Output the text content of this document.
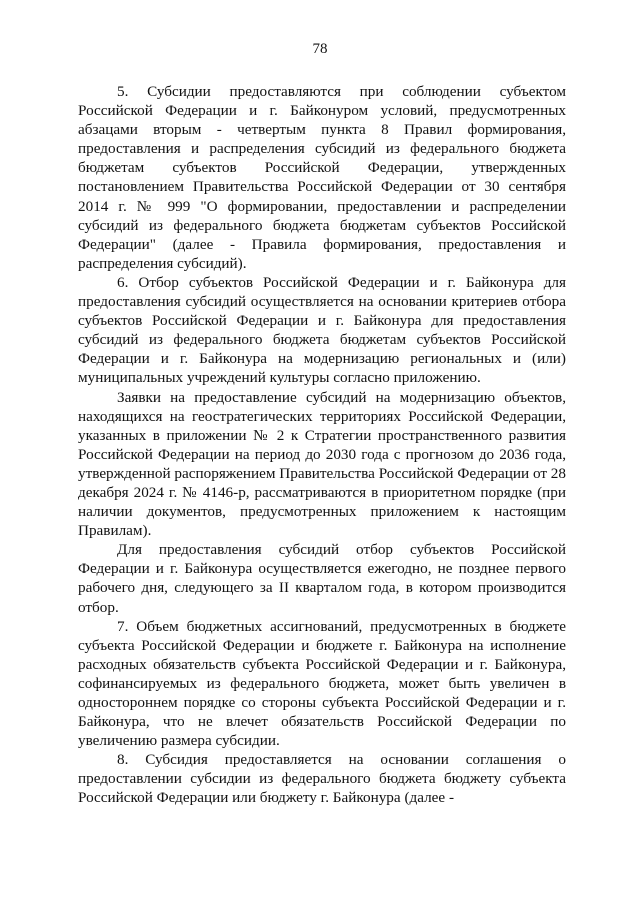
78

5. Субсидии предоставляются при соблюдении субъектом Российской Федерации и г. Байконуром условий, предусмотренных абзацами вторым - четвертым пункта 8 Правил формирования, предоставления и распределения субсидий из федерального бюджета бюджетам субъектов Российской Федерации, утвержденных постановлением Правительства Российской Федерации от 30 сентября 2014 г. № 999 "О формировании, предоставлении и распределении субсидий из федерального бюджета бюджетам субъектов Российской Федерации" (далее - Правила формирования, предоставления и распределения субсидий).

6. Отбор субъектов Российской Федерации и г. Байконура для предоставления субсидий осуществляется на основании критериев отбора субъектов Российской Федерации и г. Байконура для предоставления субсидий из федерального бюджета бюджетам субъектов Российской Федерации и г. Байконура на модернизацию региональных и (или) муниципальных учреждений культуры согласно приложению.

Заявки на предоставление субсидий на модернизацию объектов, находящихся на геостратегических территориях Российской Федерации, указанных в приложении № 2 к Стратегии пространственного развития Российской Федерации на период до 2030 года с прогнозом до 2036 года, утвержденной распоряжением Правительства Российской Федерации от 28 декабря 2024 г. № 4146-р, рассматриваются в приоритетном порядке (при наличии документов, предусмотренных приложением к настоящим Правилам).

Для предоставления субсидий отбор субъектов Российской Федерации и г. Байконура осуществляется ежегодно, не позднее первого рабочего дня, следующего за II кварталом года, в котором производится отбор.

7. Объем бюджетных ассигнований, предусмотренных в бюджете субъекта Российской Федерации и бюджете г. Байконура на исполнение расходных обязательств субъекта Российской Федерации и г. Байконура, софинансируемых из федерального бюджета, может быть увеличен в одностороннем порядке со стороны субъекта Российской Федерации и г. Байконура, что не влечет обязательств Российской Федерации по увеличению размера субсидии.

8. Субсидия предоставляется на основании соглашения о предоставлении субсидии из федерального бюджета бюджету субъекта Российской Федерации или бюджету г. Байконура (далее -
